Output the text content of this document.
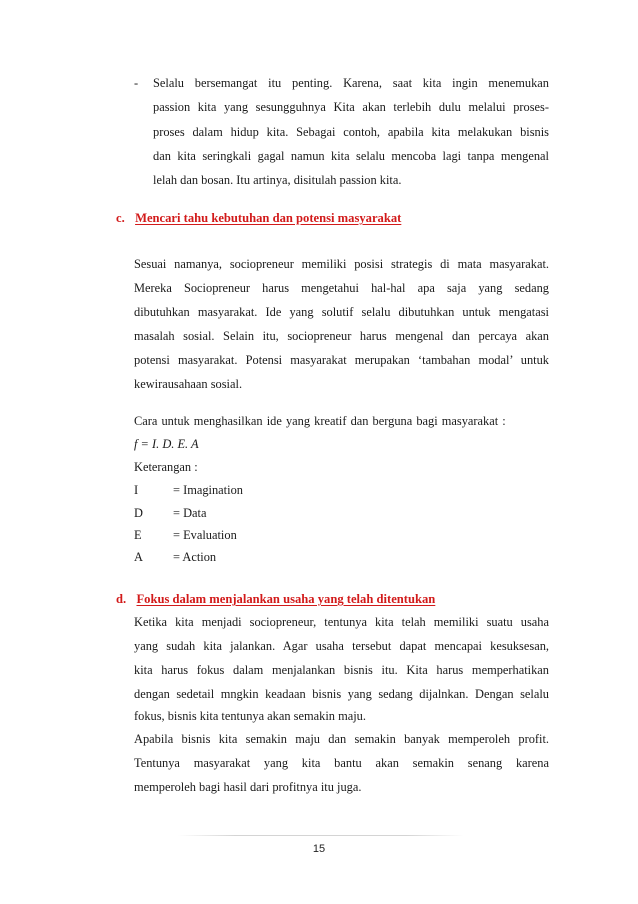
- Selalu bersemangat itu penting. Karena, saat kita ingin menemukan
passion kita yang sesungguhnya Kita akan terlebih dulu melalui proses-
proses dalam hidup kita. Sebagai contoh, apabila kita melakukan bisnis
dan kita seringkali gagal namun kita selalu mencoba lagi tanpa mengenal
lelah dan bosan. Itu artinya, disitulah passion kita.
c. Mencari tahu kebutuhan dan potensi masyarakat
Sesuai namanya, sociopreneur memiliki posisi strategis di mata masyarakat.
Mereka Sociopreneur harus mengetahui hal-hal apa saja yang sedang
dibutuhkan masyarakat. Ide yang solutif selalu dibutuhkan untuk mengatasi
masalah sosial. Selain itu, sociopreneur harus mengenal dan percaya akan
potensi masyarakat. Potensi masyarakat merupakan ‘tambahan modal’ untuk
kewirausahaan sosial.
Cara untuk menghasilkan ide yang kreatif dan berguna bagi masyarakat :
f = I. D. E. A
Keterangan :
I	= Imagination
D = Data
E	= Evaluation
A = Action
d. Fokus dalam menjalankan usaha yang telah ditentukan
Ketika kita menjadi sociopreneur, tentunya kita telah memiliki suatu usaha
yang sudah kita jalankan. Agar usaha tersebut dapat mencapai kesuksesan,
kita harus fokus dalam menjalankan bisnis itu. Kita harus memperhatikan
dengan sedetail mngkin keadaan bisnis yang sedang dijalnkan. Dengan selalu
fokus, bisnis kita tentunya akan semakin maju.
Apabila bisnis kita semakin maju dan semakin banyak memperoleh profit.
Tentunya masyarakat yang kita bantu akan semakin senang karena
memperoleh bagi hasil dari profitnya itu juga.
15
